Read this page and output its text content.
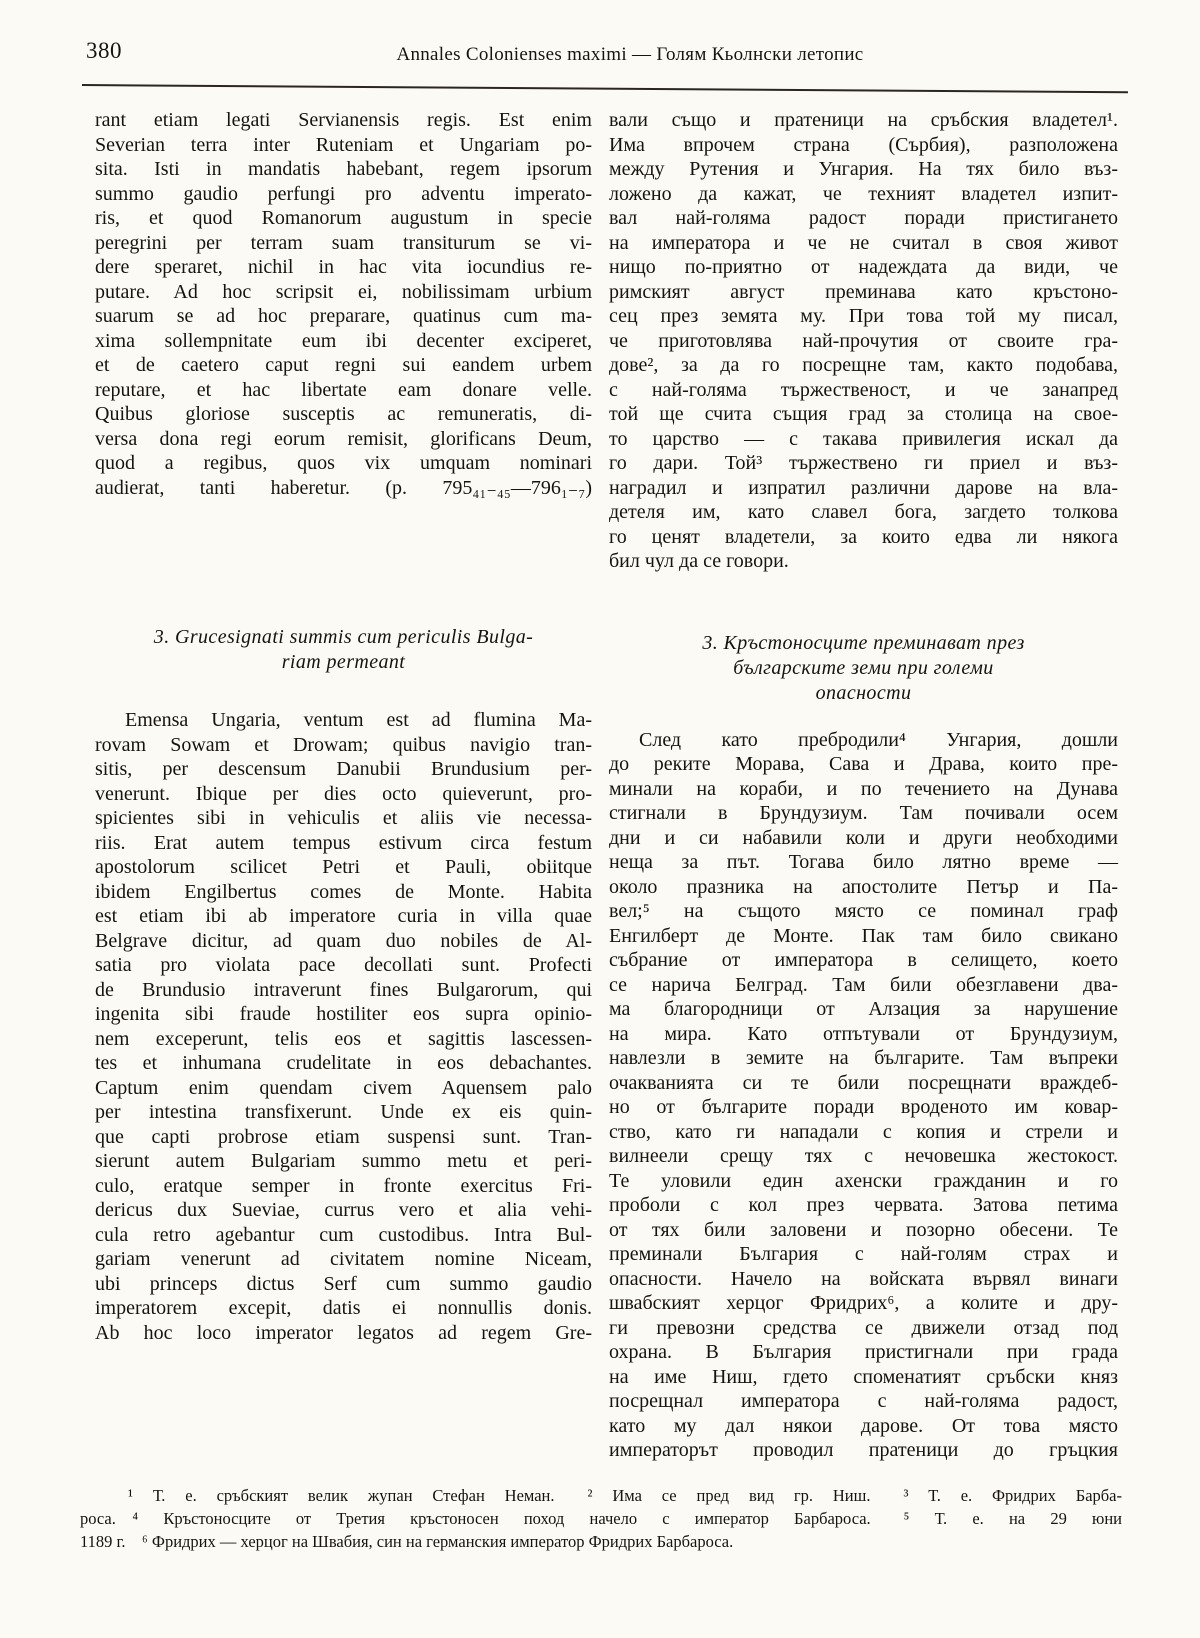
380	Annales Colonienses maximi — Голям Кьолнски летопис
rant etiam legati Servianensis regis. Est enim
Severian terra inter Ruteniam et Ungariam po-
sita. Isti in mandatis habebant, regem ipsorum
summo gaudio perfungi pro adventu imperato-
ris, et quod Romanorum augustum in specie
peregrini per terram suam transiturum se vi-
dere speraret, nichil in hac vita iocundius re-
putare. Ad hoc scripsit ei, nobilissimam urbium
suarum se ad hoc preparare, quatinus cum ma-
xima sollempnitate eum ibi decenter exciperet,
et de caetero caput regni sui eandem urbem
reputare, et hac libertate eam donare velle.
Quibus gloriose susceptis ac remuneratis, di-
versa dona regi eorum remisit, glorificans Deum,
quod a regibus, quos vix umquam nominari
audierat, tanti haberetur. (p. 795₄₁₋₄₅—796₁₋₇)
3. Grucesignati summis cum periculis Bulga-
riam permeant
Emensa Ungaria, ventum est ad flumina Ma-
rovam Sowam et Drowam; quibus navigio tran-
sitis, per descensum Danubii Brundusium per-
venerunt. Ibique per dies octo quieverunt, pro-
spicientes sibi in vehiculis et aliis vie necessa-
riis. Erat autem tempus estivum circa festum
apostolorum scilicet Petri et Pauli, obiitque
ibidem Engilbertus comes de Monte. Habita
est etiam ibi ab imperatore curia in villa quae
Belgrave dicitur, ad quam duo nobiles de Al-
satia pro violata pace decollati sunt. Profecti
de Brundusio intraverunt fines Bulgarorum, qui
ingenita sibi fraude hostiliter eos supra opinio-
nem exceperunt, telis eos et sagittis lascessen-
tes et inhumana crudelitate in eos debachantes.
Captum enim quendam civem Aquensem palo
per intestina transfixerunt. Unde ex eis quin-
que capti probrose etiam suspensi sunt. Tran-
sierunt autem Bulgariam summo metu et peri-
culo, eratque semper in fronte exercitus Fri-
dericus dux Sueviae, currus vero et alia vehi-
cula retro agebantur cum custodibus. Intra Bul-
gariam venerunt ad civitatem nomine Niceam,
ubi princeps dictus Serf cum summo gaudio
imperatorem excepit, datis ei nonnullis donis.
Ab hoc loco imperator legatos ad regem Gre-
вали също и пратеници на сръбския владетел¹.
Има впрочем страна (Сърбия), разположена
между Рутения и Унгария. На тях било въз-
ложено да кажат, че техният владетел изпит-
вал най-голяма радост поради пристигането
на императора и че не считал в своя живот
нищо по-приятно от надеждата да види, че
римският август преминава като кръстоно-
сец през земята му. При това той му писал,
че приготовлява най-прочутия от своите гра-
дове², за да го посрещне там, както подобава,
с най-голяма тържественост, и че занапред
той ще счита същия град за столица на свое-
то царство — с такава привилегия искал да
го дари. Той³ тържествено ги приел и въз-
наградил и изпратил различни дарове на вла-
детеля им, като славел бога, загдето толкова
го ценят владетели, за които едва ли някога
бил чул да се говори.
3. Кръстоносците преминават през
българските земи при големи
опасности
След като пребродили⁴ Унгария, дошли
до реките Морава, Сава и Драва, които пре-
минали на кораби, и по течението на Дунава
стигнали в Брундузиум. Там почивали осем
дни и си набавили коли и други необходими
неща за път. Тогава било лятно време —
около празника на апостолите Петър и Па-
вел;⁵ на същото място се поминал граф
Енгилберт де Монте. Пак там било свикано
събрание от императора в селището, което
се нарича Белград. Там били обезглавени два-
ма благородници от Алзация за нарушение
на мира. Като отпътували от Брундузиум,
навлезли в земите на българите. Там въпреки
очакванията си те били посрещнати враждеб-
но от българите поради вроденото им ковар-
ство, като ги нападали с копия и стрели и
вилнеели срещу тях с нечовешка жестокост.
Те уловили един ахенски гражданин и го
проболи с кол през червата. Затова петима
от тях били заловени и позорно обесени. Те
преминали България с най-голям страх и
опасности. Начело на войската вървял винаги
швабският херцог Фридрих⁶, а колите и дру-
ги превозни средства се движели отзад под
охрана. В България пристигнали при града
на име Ниш, гдето споменатият сръбски княз
посрещнал императора с най-голяма радост,
като му дал някои дарове. От това място
императорът проводил пратеници до гръцкия
¹ Т. е. сръбският велик жупан Стефан Неман.  ² Има се пред вид гр. Ниш.  ³ Т. е. Фридрих Барба-
роса. ⁴ Кръстоносците от Третия кръстоносен поход начело с император Барбароса.  ⁵ Т. е. на 29 юни
1189 г. ⁶ Фридрих — херцог на Швабия, син на германския император Фридрих Барбароса.
